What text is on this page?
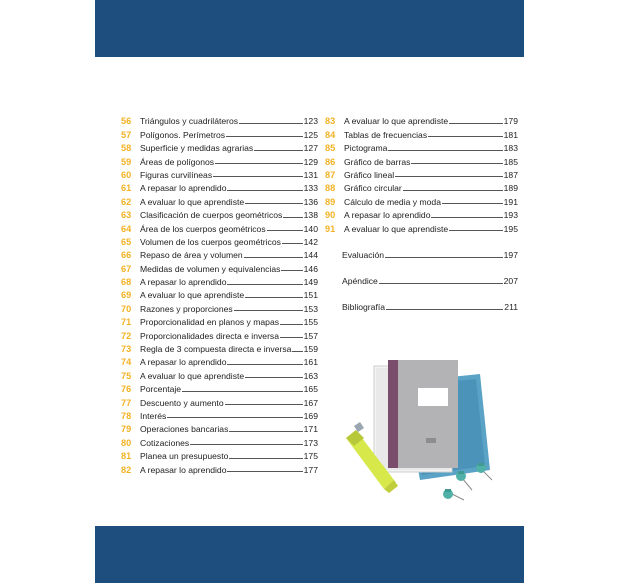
56	Triángulos y cuadriláteros	123
57	Polígonos. Perímetros	125
58	Superficie y medidas agrarias	127
59	Áreas de polígonos	129
60	Figuras curvilíneas	131
61	A repasar lo aprendido	133
62	A evaluar lo que aprendiste	136
63	Clasificación de cuerpos geométricos 138
64	Área de los cuerpos geométricos	140
65	Volumen de los cuerpos geométricos	142
66	Repaso de área y volumen	144
67	Medidas de volumen y equivalencias	146
68	A repasar lo aprendido	149
69	A evaluar lo que aprendiste	151
70	Razones y proporciones	153
71	Proporcionalidad en planos y mapas	155
72	Proporcionalidades directa e inversa	157
73	Regla de 3 compuesta directa e inversa 159
74	A repasar lo aprendido	161
75	A evaluar lo que aprendiste	163
76	Porcentaje	165
77	Descuento y aumento	167
78	Interés	169
79	Operaciones bancarias	171
80	Cotizaciones	173
81	Planea un presupuesto	175
82	A repasar lo aprendido	177
83	A evaluar lo que aprendiste	179
84	Tablas de frecuencias	181
85	Pictograma	183
86	Gráfico de barras	185
87	Gráfico lineal	187
88	Gráfico circular	189
89	Cálculo de media y moda	191
90	A repasar lo aprendido	193
91	A evaluar lo que aprendiste	195
Evaluación	197
Apéndice	207
Bibliografía	211
